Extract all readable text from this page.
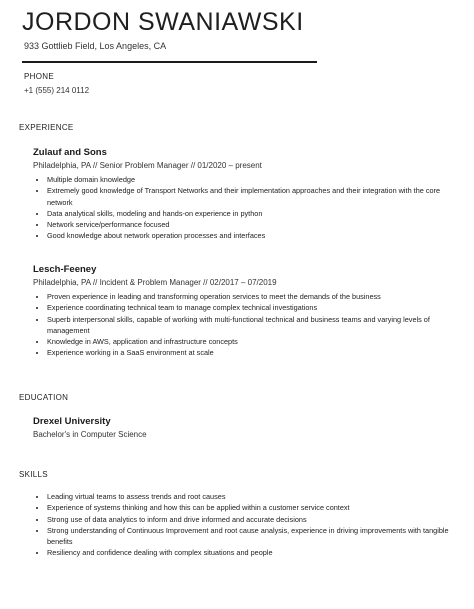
JORDON SWANIAWSKI
933 Gottlieb Field, Los Angeles, CA
PHONE
+1 (555) 214 0112
EXPERIENCE
Zulauf and Sons
Philadelphia, PA // Senior Problem Manager // 01/2020 – present
• Multiple domain knowledge
• Extremely good knowledge of Transport Networks and their implementation approaches and their integration with the core network
• Data analytical skills, modeling and hands-on experience in python
• Network service/performance focused
• Good knowledge about network operation processes and interfaces
Lesch-Feeney
Philadelphia, PA // Incident & Problem Manager // 02/2017 – 07/2019
• Proven experience in leading and transforming operation services to meet the demands of the business
• Experience coordinating technical team to manage complex technical investigations
• Superb interpersonal skills, capable of working with multi-functional technical and business teams and varying levels of management
• Knowledge in AWS, application and infrastructure concepts
• Experience working in a SaaS environment at scale
EDUCATION
Drexel University
Bachelor's in Computer Science
SKILLS
• Leading virtual teams to assess trends and root causes
• Experience of systems thinking and how this can be applied within a customer service context
• Strong use of data analytics to inform and drive informed and accurate decisions
• Strong understanding of Continuous Improvement and root cause analysis, experience in driving improvements with tangible benefits
• Resiliency and confidence dealing with complex situations and people
